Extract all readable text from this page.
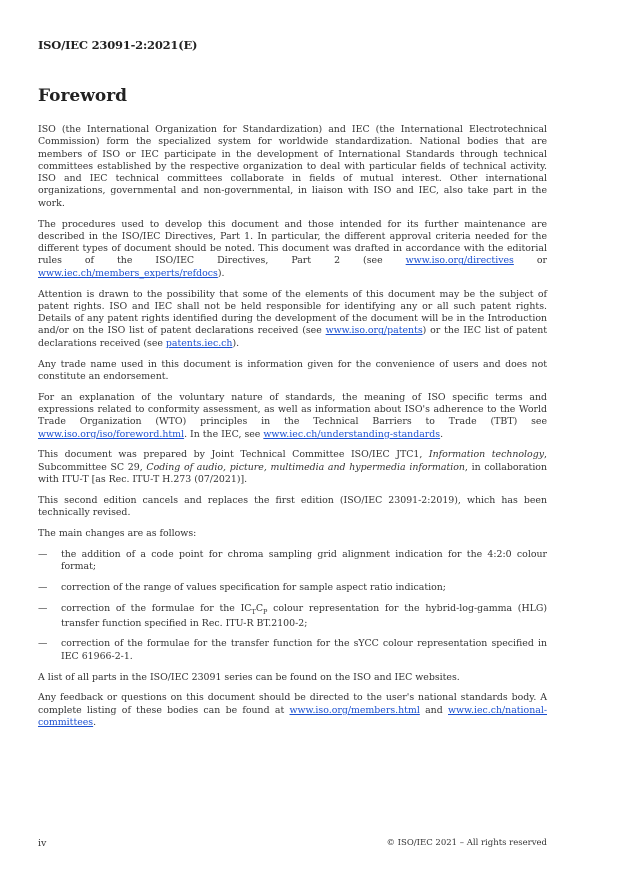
ISO/IEC 23091-2:2021(E)
Foreword

ISO (the International Organization for Standardization) and IEC (the International Electrotechnical Commission) form the specialized system for worldwide standardization. National bodies that are members of ISO or IEC participate in the development of International Standards through technical committees established by the respective organization to deal with particular fields of technical activity. ISO and IEC technical committees collaborate in fields of mutual interest. Other international organizations, governmental and non-governmental, in liaison with ISO and IEC, also take part in the work.

The procedures used to develop this document and those intended for its further maintenance are described in the ISO/IEC Directives, Part 1. In particular, the different approval criteria needed for the different types of document should be noted. This document was drafted in accordance with the editorial rules of the ISO/IEC Directives, Part 2 (see www.iso.org/directives or www.iec.ch/members_experts/refdocs).

Attention is drawn to the possibility that some of the elements of this document may be the subject of patent rights. ISO and IEC shall not be held responsible for identifying any or all such patent rights. Details of any patent rights identified during the development of the document will be in the Introduction and/or on the ISO list of patent declarations received (see www.iso.org/patents) or the IEC list of patent declarations received (see patents.iec.ch).

Any trade name used in this document is information given for the convenience of users and does not constitute an endorsement.

For an explanation of the voluntary nature of standards, the meaning of ISO specific terms and expressions related to conformity assessment, as well as information about ISO's adherence to the World Trade Organization (WTO) principles in the Technical Barriers to Trade (TBT) see www.iso.org/iso/foreword.html. In the IEC, see www.iec.ch/understanding-standards.

This document was prepared by Joint Technical Committee ISO/IEC JTC1, Information technology, Subcommittee SC 29, Coding of audio, picture, multimedia and hypermedia information, in collaboration with ITU-T [as Rec. ITU-T H.273 (07/2021)].

This second edition cancels and replaces the first edition (ISO/IEC 23091-2:2019), which has been technically revised.

The main changes are as follows:

— the addition of a code point for chroma sampling grid alignment indication for the 4:2:0 colour format;
— correction of the range of values specification for sample aspect ratio indication;
— correction of the formulae for the $IC_TC_P$ colour representation for the hybrid-log-gamma (HLG) transfer function specified in Rec. ITU-R BT.2100-2;
— correction of the formulae for the transfer function for the sYCC colour representation specified in IEC 61966-2-1.

A list of all parts in the ISO/IEC 23091 series can be found on the ISO and IEC websites.

Any feedback or questions on this document should be directed to the user's national standards body. A complete listing of these bodies can be found at www.iso.org/members.html and www.iec.ch/national-committees.

iv	© ISO/IEC 2021 – All rights reserved
